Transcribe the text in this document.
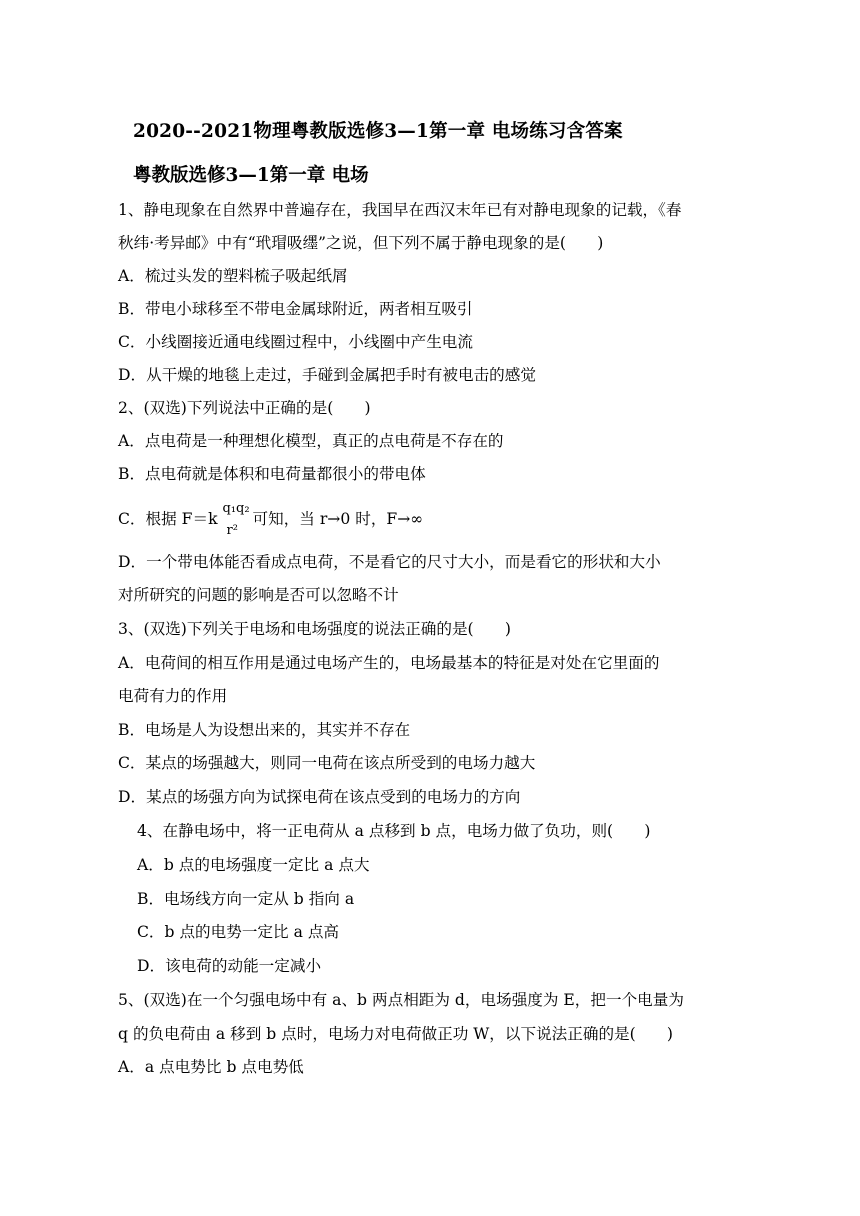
2020--2021物理粤教版选修3—1第一章 电场练习含答案
粤教版选修3—1第一章 电场
1、静电现象在自然界中普遍存在，我国早在西汉末年已有对静电现象的记载，《春
秋纬·考异邮》中有“玳瑁吸𬙊”之说，但下列不属于静电现象的是(　　)
A．梳过头发的塑料梳子吸起纸屑
B．带电小球移至不带电金属球附近，两者相互吸引
C．小线圈接近通电线圈过程中，小线圈中产生电流
D．从干燥的地毯上走过，手碰到金属把手时有被电击的感觉
2、(双选)下列说法中正确的是(　　)
A．点电荷是一种理想化模型，真正的点电荷是不存在的
B．点电荷就是体积和电荷量都很小的带电体
C．根据 F＝k
q₁q₂
r²
可知，当 r→0 时，F→∞
D．一个带电体能否看成点电荷，不是看它的尺寸大小，而是看它的形状和大小
对所研究的问题的影响是否可以忽略不计
3、(双选)下列关于电场和电场强度的说法正确的是(　　)
A．电荷间的相互作用是通过电场产生的，电场最基本的特征是对处在它里面的
电荷有力的作用
B．电场是人为设想出来的，其实并不存在
C．某点的场强越大，则同一电荷在该点所受到的电场力越大
D．某点的场强方向为试探电荷在该点受到的电场力的方向
4、在静电场中，将一正电荷从 a 点移到 b 点，电场力做了负功，则(　　)
A．b 点的电场强度一定比 a 点大
B．电场线方向一定从 b 指向 a
C．b 点的电势一定比 a 点高
D．该电荷的动能一定减小
5、(双选)在一个匀强电场中有 a、b 两点相距为 d，电场强度为 E，把一个电量为
q 的负电荷由 a 移到 b 点时，电场力对电荷做正功 W，以下说法正确的是(　　)
A．a 点电势比 b 点电势低
